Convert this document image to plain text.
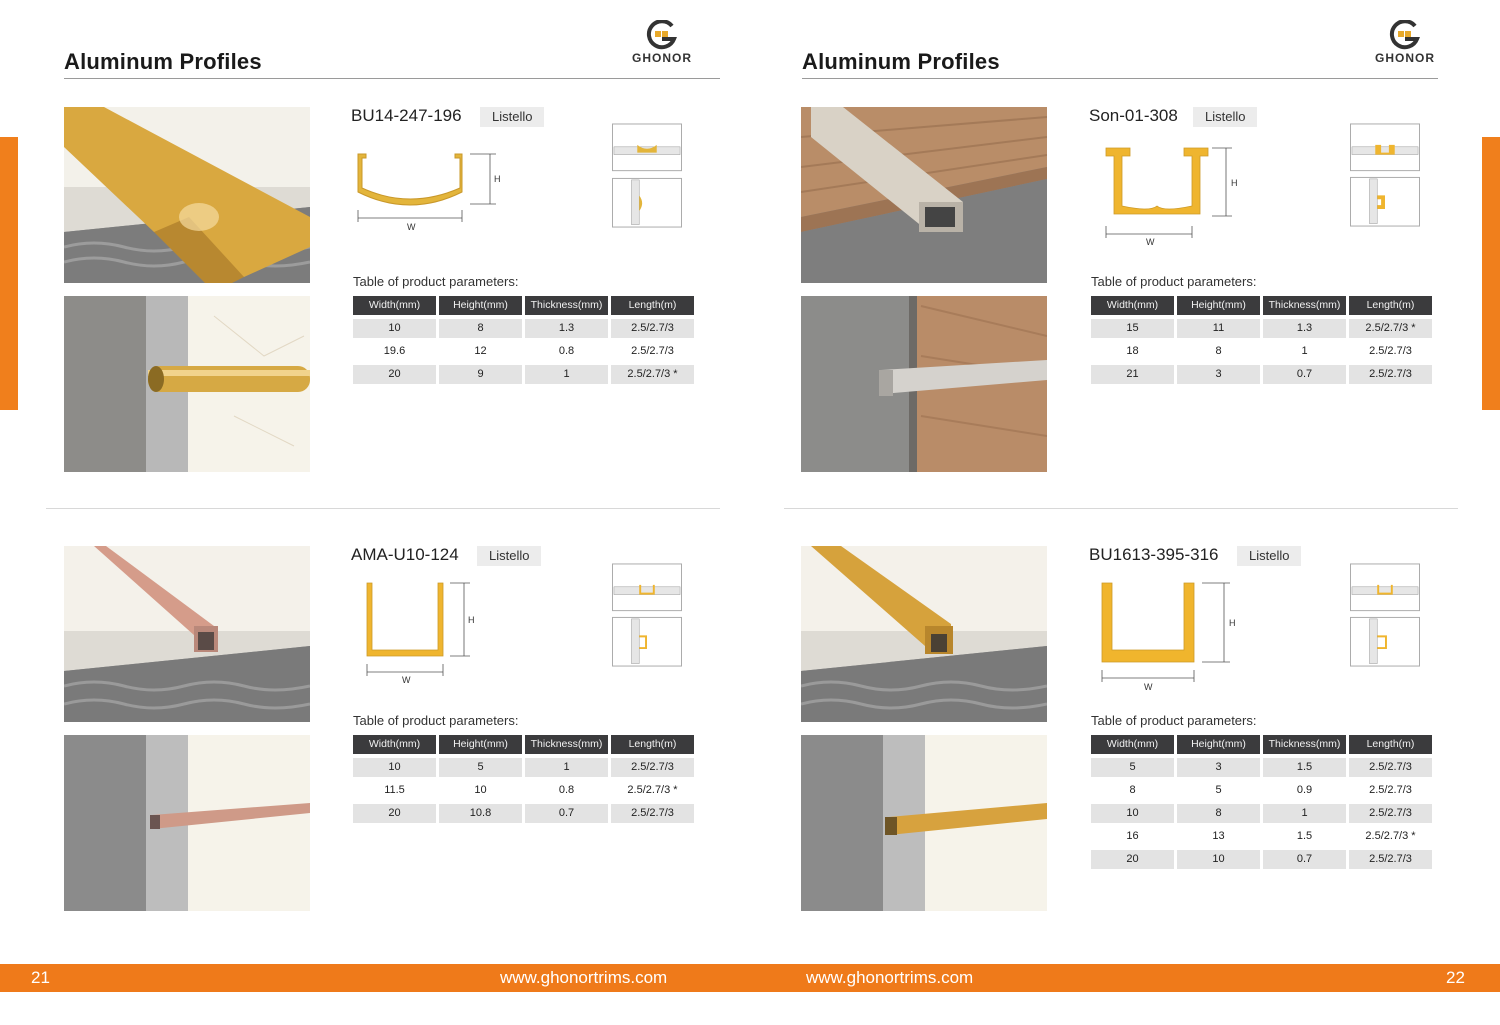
Aluminum Profiles	GHONOR
BU14-247-196	Listello
W
H
Table of product parameters:
Width(mm)	Height(mm)	Thickness(mm)	Length(m)
10	8	1.3	2.5/2.7/3
19.6	12	0.8	2.5/2.7/3
20	9	1	2.5/2.7/3 *
AMA-U10-124	Listello
W
H
Table of product parameters:
Width(mm)	Height(mm)	Thickness(mm)	Length(m)
10	5	1	2.5/2.7/3
11.5	10	0.8	2.5/2.7/3 *
20	10.8	0.7	2.5/2.7/3
Aluminum Profiles	GHONOR
Son-01-308	Listello
W
H
Table of product parameters:
Width(mm)	Height(mm)	Thickness(mm)	Length(m)
15	11	1.3	2.5/2.7/3 *
18	8	1	2.5/2.7/3
21	3	0.7	2.5/2.7/3
BU1613-395-316	Listello
W
H
Table of product parameters:
Width(mm)	Height(mm)	Thickness(mm)	Length(m)
5	3	1.5	2.5/2.7/3
8	5	0.9	2.5/2.7/3
10	8	1	2.5/2.7/3
16	13	1.5	2.5/2.7/3 *
20	10	0.7	2.5/2.7/3
21	www.ghonortrims.com	www.ghonortrims.com	22
